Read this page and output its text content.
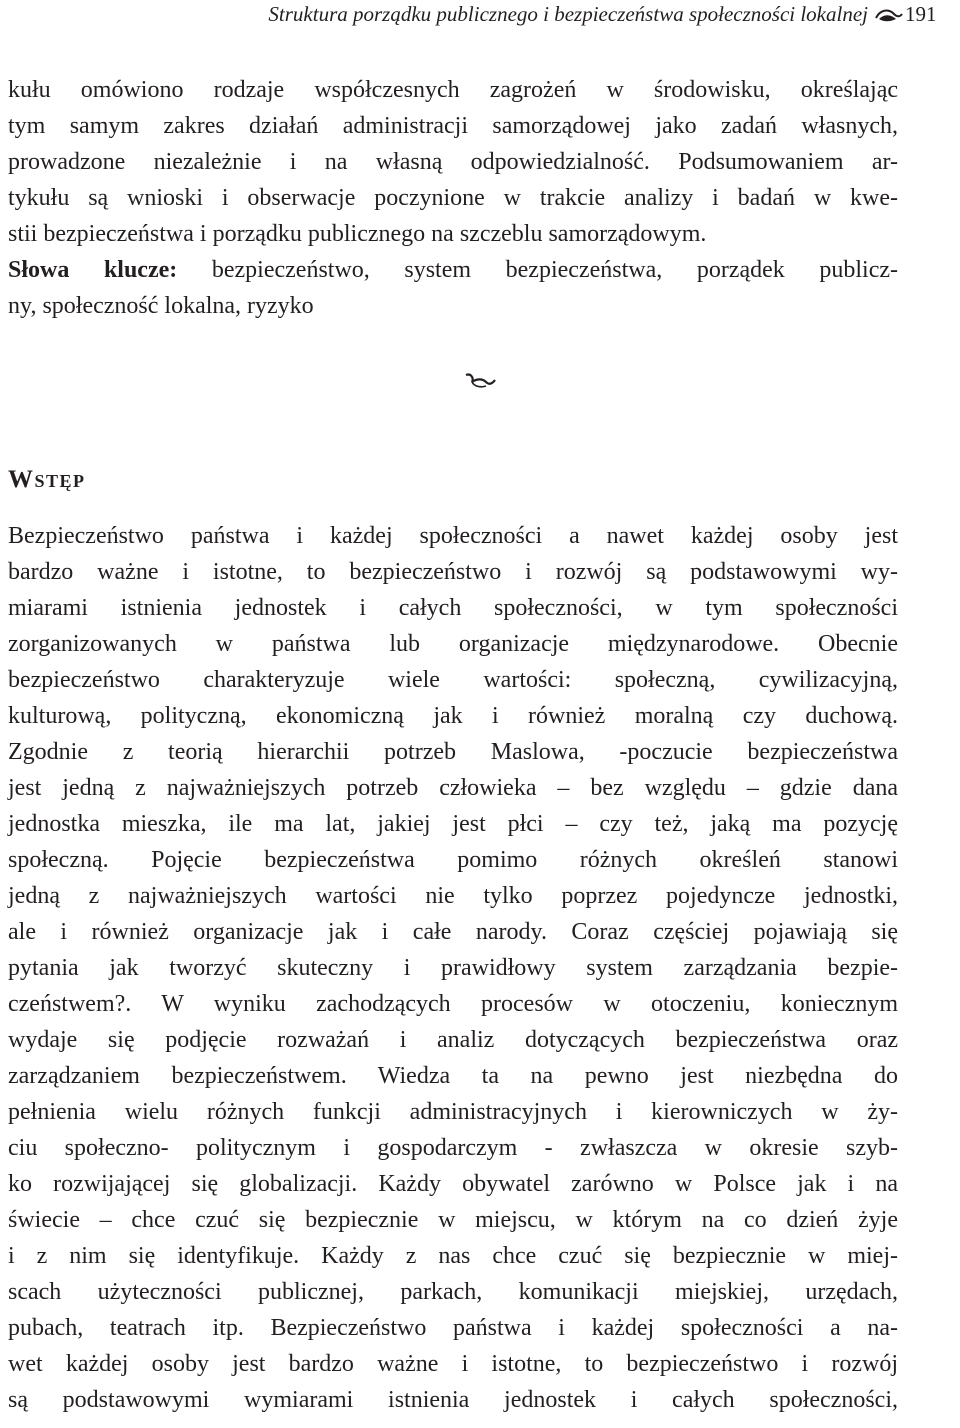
Struktura porządku publicznego i bezpieczeństwa społeczności lokalnej 191
kułu omówiono rodzaje współczesnych zagrożeń w środowisku, określając
tym samym zakres działań administracji samorządowej jako zadań własnych,
prowadzone niezależnie i na własną odpowiedzialność. Podsumowaniem ar-
tykułu są wnioski i obserwacje poczynione w trakcie analizy i badań w kwe-
stii bezpieczeństwa i porządku publicznego na szczeblu samorządowym.
Słowa klucze: bezpieczeństwo, system bezpieczeństwa, porządek publicz-
ny, społeczność lokalna, ryzyko
Wstęp
Bezpieczeństwo państwa i każdej społeczności a nawet każdej osoby jest
bardzo ważne i istotne, to bezpieczeństwo i rozwój są podstawowymi wy-
miarami istnienia jednostek i całych społeczności, w tym społeczności
zorganizowanych w państwa lub organizacje międzynarodowe. Obecnie
bezpieczeństwo charakteryzuje wiele wartości: społeczną, cywilizacyjną,
kulturową, polityczną, ekonomiczną jak i również moralną czy duchową.
Zgodnie z teorią hierarchii potrzeb Maslowa, -poczucie bezpieczeństwa
jest jedną z najważniejszych potrzeb człowieka – bez względu – gdzie dana
jednostka mieszka, ile ma lat, jakiej jest płci – czy też, jaką ma pozycję
społeczną. Pojęcie bezpieczeństwa pomimo różnych określeń stanowi
jedną z najważniejszych wartości nie tylko poprzez pojedyncze jednostki,
ale i również organizacje jak i całe narody. Coraz częściej pojawiają się
pytania jak tworzyć skuteczny i prawidłowy system zarządzania bezpie-
czeństwem?. W wyniku zachodzących procesów w otoczeniu, koniecznym
wydaje się podjęcie rozważań i analiz dotyczących bezpieczeństwa oraz
zarządzaniem bezpieczeństwem. Wiedza ta na pewno jest niezbędna do
pełnienia wielu różnych funkcji administracyjnych i kierowniczych w ży-
ciu społeczno- politycznym i gospodarczym - zwłaszcza w okresie szyb-
ko rozwijającej się globalizacji. Każdy obywatel zarówno w Polsce jak i na
świecie – chce czuć się bezpiecznie w miejscu, w którym na co dzień żyje
i z nim się identyfikuje. Każdy z nas chce czuć się bezpiecznie w miej-
scach użyteczności publicznej, parkach, komunikacji miejskiej, urzędach,
pubach, teatrach itp. Bezpieczeństwo państwa i każdej społeczności a na-
wet każdej osoby jest bardzo ważne i istotne, to bezpieczeństwo i rozwój
są podstawowymi wymiarami istnienia jednostek i całych społeczności,
